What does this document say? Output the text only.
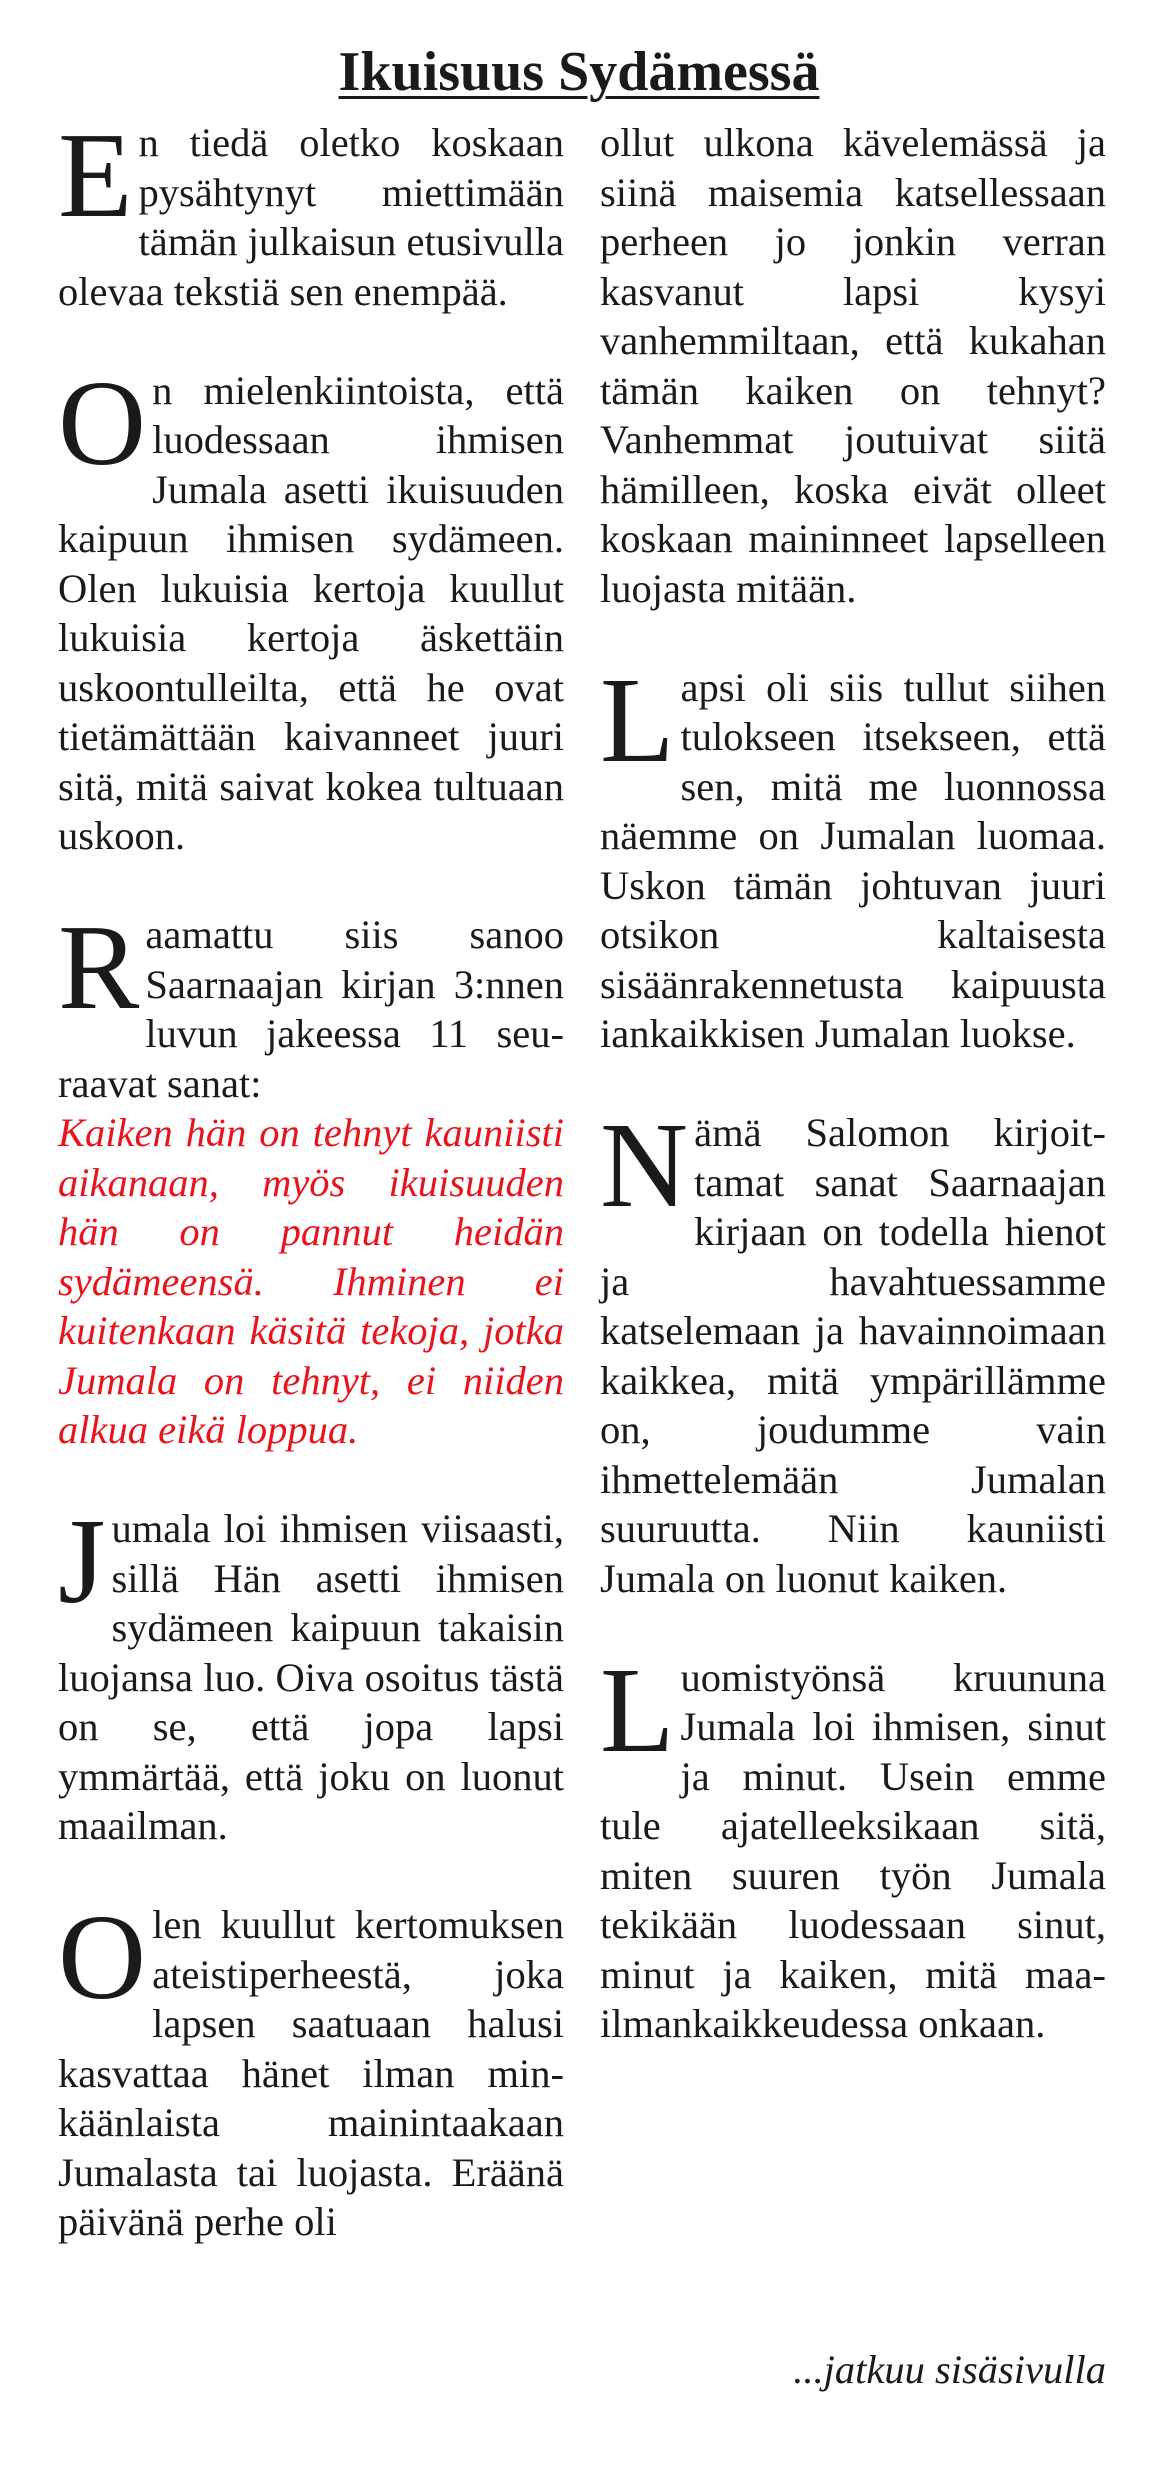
Ikuisuus Sydämessä

En tiedä oletko koskaan pysähtynyt miettimään tämän julkaisun etusivulla olevaa tekstiä sen enempää.

On mielenkiintoista, että luodessaan ihmisen Jumala asetti ikuisuuden kaipuun ihmisen sydämeen. Olen lukuisia kertoja kuullut lukuisia kertoja äskettäin uskoontulleilta, että he ovat tietämättään kaivanneet juuri sitä, mitä saivat kokea tultuaan uskoon.

Raamattu siis sanoo Saarnaajan kirjan 3:nnen luvun jakeessa 11 seuraavat sanat:

Kaiken hän on tehnyt kauniisti aikanaan, myös ikuisuuden hän on pannut heidän sydämeensä. Ihminen ei kuitenkaan käsitä tekoja, jotka Jumala on tehnyt, ei niiden alkua eikä loppua.

Jumala loi ihmisen viisaasti, sillä Hän asetti ihmisen sydämeen kaipuun takaisin luojansa luo. Oiva osoitus tästä on se, että jopa lapsi ymmärtää, että joku on luonut maailman.

Olen kuullut kertomuksen ateistiperheestä, joka lapsen saatuaan halusi kasvattaa hänet ilman minkäänlaista mainintaakaan Jumalasta tai luojasta. Eräänä päivänä perhe oli

ollut ulkona kävelemässä ja siinä maisemia katsellessaan perheen jo jonkin verran kasvanut lapsi kysyi vanhemmiltaan, että kukahan tämän kaiken on tehnyt? Vanhemmat joutuivat siitä hämilleen, koska eivät olleet koskaan maininneet lapselleen luojasta mitään.

Lapsi oli siis tullut siihen tulokseen itsekseen, että sen, mitä me luonnossa näemme on Jumalan luomaa. Uskon tämän johtuvan juuri otsikon kaltaisesta sisäänrakennetusta kaipuusta iankaikkisen Jumalan luokse.

Nämä Salomon kirjoittamat sanat Saarnaajan kirjaan on todella hienot ja havahtuessamme katselemaan ja havainnoimaan kaikkea, mitä ympärillämme on, joudumme vain ihmettelemään Jumalan suuruutta. Niin kauniisti Jumala on luonut kaiken.

Luomistyönsä kruununa Jumala loi ihmisen, sinut ja minut. Usein emme tule ajatelleeksikaan sitä, miten suuren työn Jumala tekikään luodessaan sinut, minut ja kaiken, mitä maailmankaikkeudessa onkaan.

...jatkuu sisäsivulla
